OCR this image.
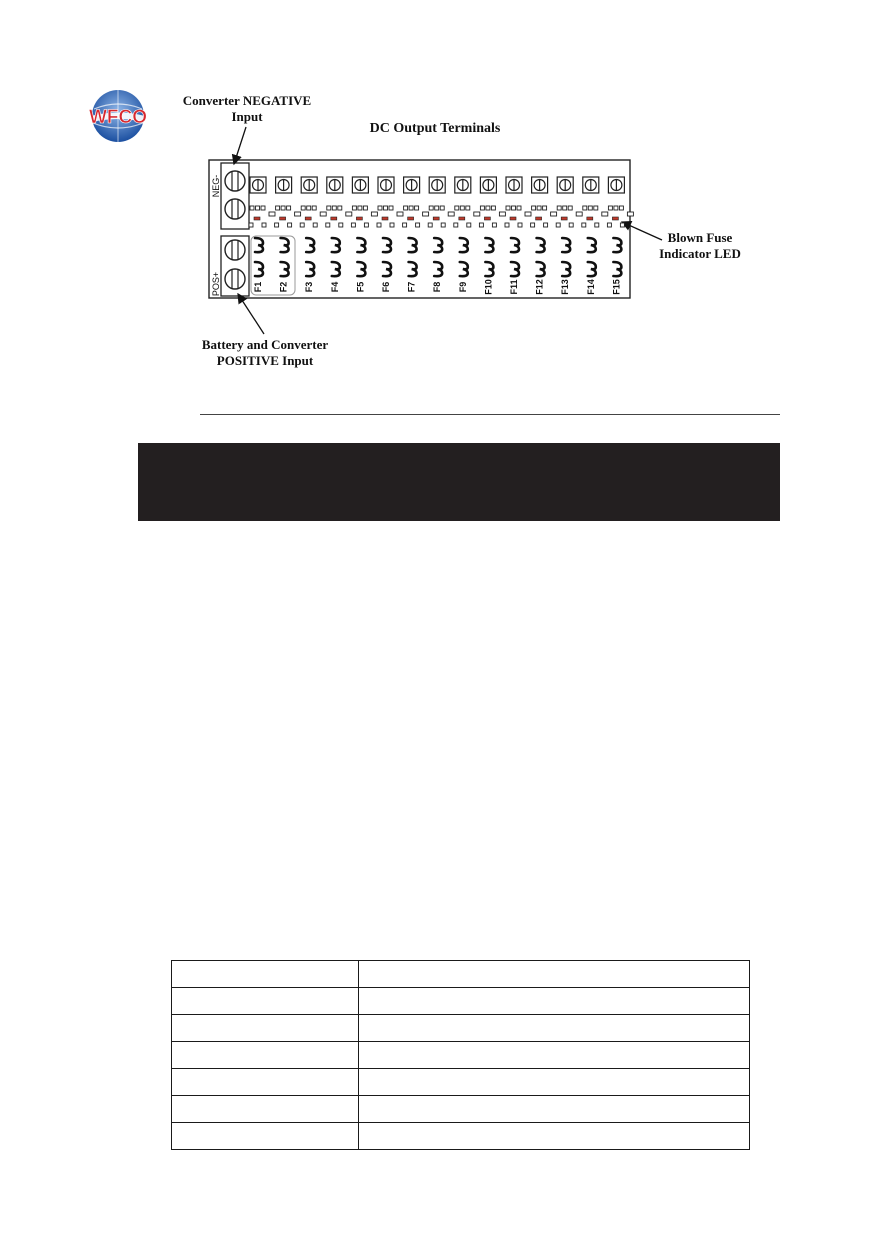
WFCO
Converter NEGATIVE
Input
DC Output Terminals
Blown Fuse
Indicator LED
Battery and Converter
POSITIVE Input
NEG-
POS+	F1 F2 F3 F4 F5 F6 F7 F8 F9 F10 F11 F12 F13 F14 F15
